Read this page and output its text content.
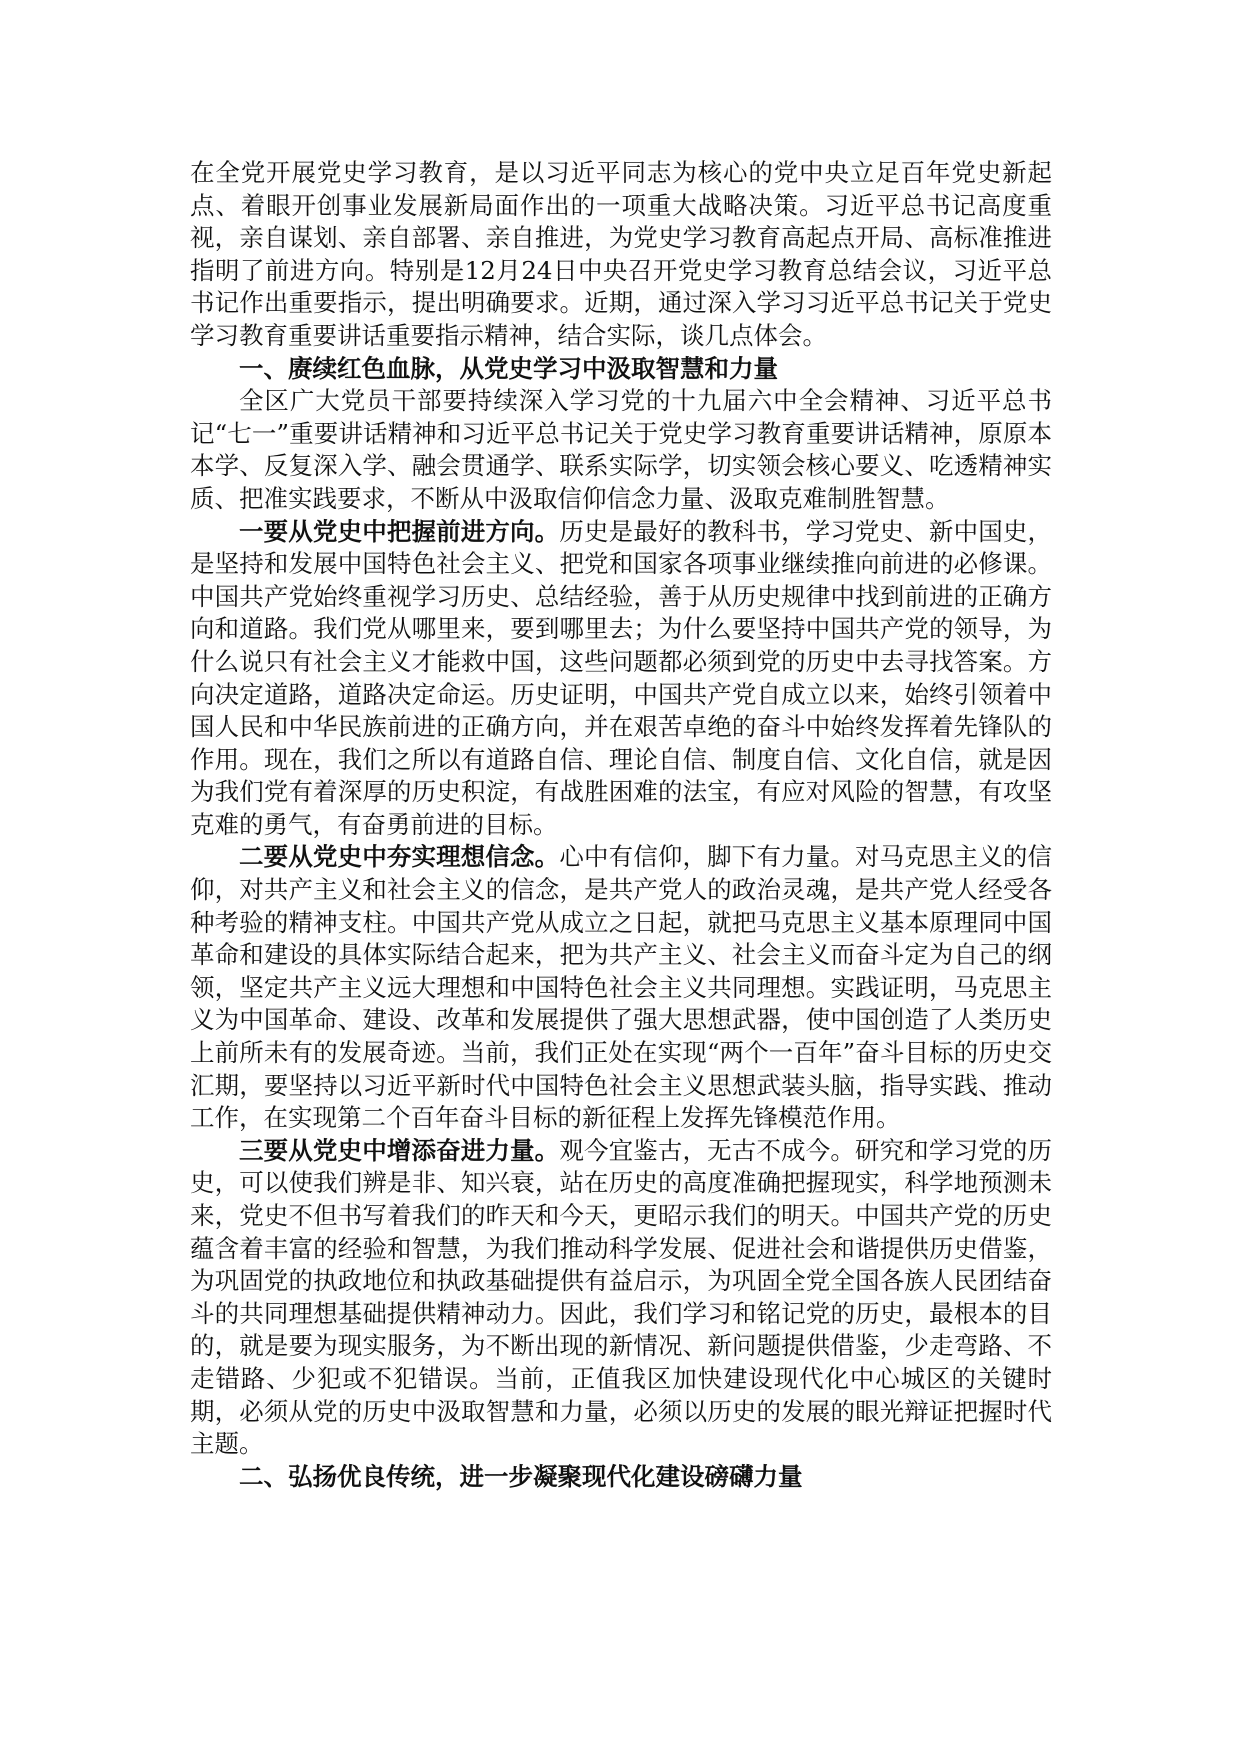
在全党开展党史学习教育，是以习近平同志为核心的党中央立足百年党史新起点、着眼开创事业发展新局面作出的一项重大战略决策。习近平总书记高度重视，亲自谋划、亲自部署、亲自推进，为党史学习教育高起点开局、高标准推进指明了前进方向。特别是12月24日中央召开党史学习教育总结会议，习近平总书记作出重要指示，提出明确要求。近期，通过深入学习习近平总书记关于党史学习教育重要讲话重要指示精神，结合实际，谈几点体会。

一、赓续红色血脉，从党史学习中汲取智慧和力量

全区广大党员干部要持续深入学习党的十九届六中全会精神、习近平总书记“七一”重要讲话精神和习近平总书记关于党史学习教育重要讲话精神，原原本本学、反复深入学、融会贯通学、联系实际学，切实领会核心要义、吃透精神实质、把准实践要求，不断从中汲取信仰信念力量、汲取克难制胜智慧。

一要从党史中把握前进方向。历史是最好的教科书，学习党史、新中国史，是坚持和发展中国特色社会主义、把党和国家各项事业继续推向前进的必修课。中国共产党始终重视学习历史、总结经验，善于从历史规律中找到前进的正确方向和道路。我们党从哪里来，要到哪里去；为什么要坚持中国共产党的领导，为什么说只有社会主义才能救中国，这些问题都必须到党的历史中去寻找答案。方向决定道路，道路决定命运。历史证明，中国共产党自成立以来，始终引领着中国人民和中华民族前进的正确方向，并在艰苦卓绝的奋斗中始终发挥着先锋队的作用。现在，我们之所以有道路自信、理论自信、制度自信、文化自信，就是因为我们党有着深厚的历史积淀，有战胜困难的法宝，有应对风险的智慧，有攻坚克难的勇气，有奋勇前进的目标。

二要从党史中夯实理想信念。心中有信仰，脚下有力量。对马克思主义的信仰，对共产主义和社会主义的信念，是共产党人的政治灵魂，是共产党人经受各种考验的精神支柱。中国共产党从成立之日起，就把马克思主义基本原理同中国革命和建设的具体实际结合起来，把为共产主义、社会主义而奋斗定为自己的纲领，坚定共产主义远大理想和中国特色社会主义共同理想。实践证明，马克思主义为中国革命、建设、改革和发展提供了强大思想武器，使中国创造了人类历史上前所未有的发展奇迹。当前，我们正处在实现“两个一百年”奋斗目标的历史交汇期，要坚持以习近平新时代中国特色社会主义思想武装头脑，指导实践、推动工作，在实现第二个百年奋斗目标的新征程上发挥先锋模范作用。

三要从党史中增添奋进力量。观今宜鉴古，无古不成今。研究和学习党的历史，可以使我们辨是非、知兴衰，站在历史的高度准确把握现实，科学地预测未来，党史不但书写着我们的昨天和今天，更昭示我们的明天。中国共产党的历史蕴含着丰富的经验和智慧，为我们推动科学发展、促进社会和谐提供历史借鉴，为巩固党的执政地位和执政基础提供有益启示，为巩固全党全国各族人民团结奋斗的共同理想基础提供精神动力。因此，我们学习和铭记党的历史，最根本的目的，就是要为现实服务，为不断出现的新情况、新问题提供借鉴，少走弯路、不走错路、少犯或不犯错误。当前，正值我区加快建设现代化中心城区的关键时期，必须从党的历史中汲取智慧和力量，必须以历史的发展的眼光辩证把握时代主题。

二、弘扬优良传统，进一步凝聚现代化建设磅礴力量
